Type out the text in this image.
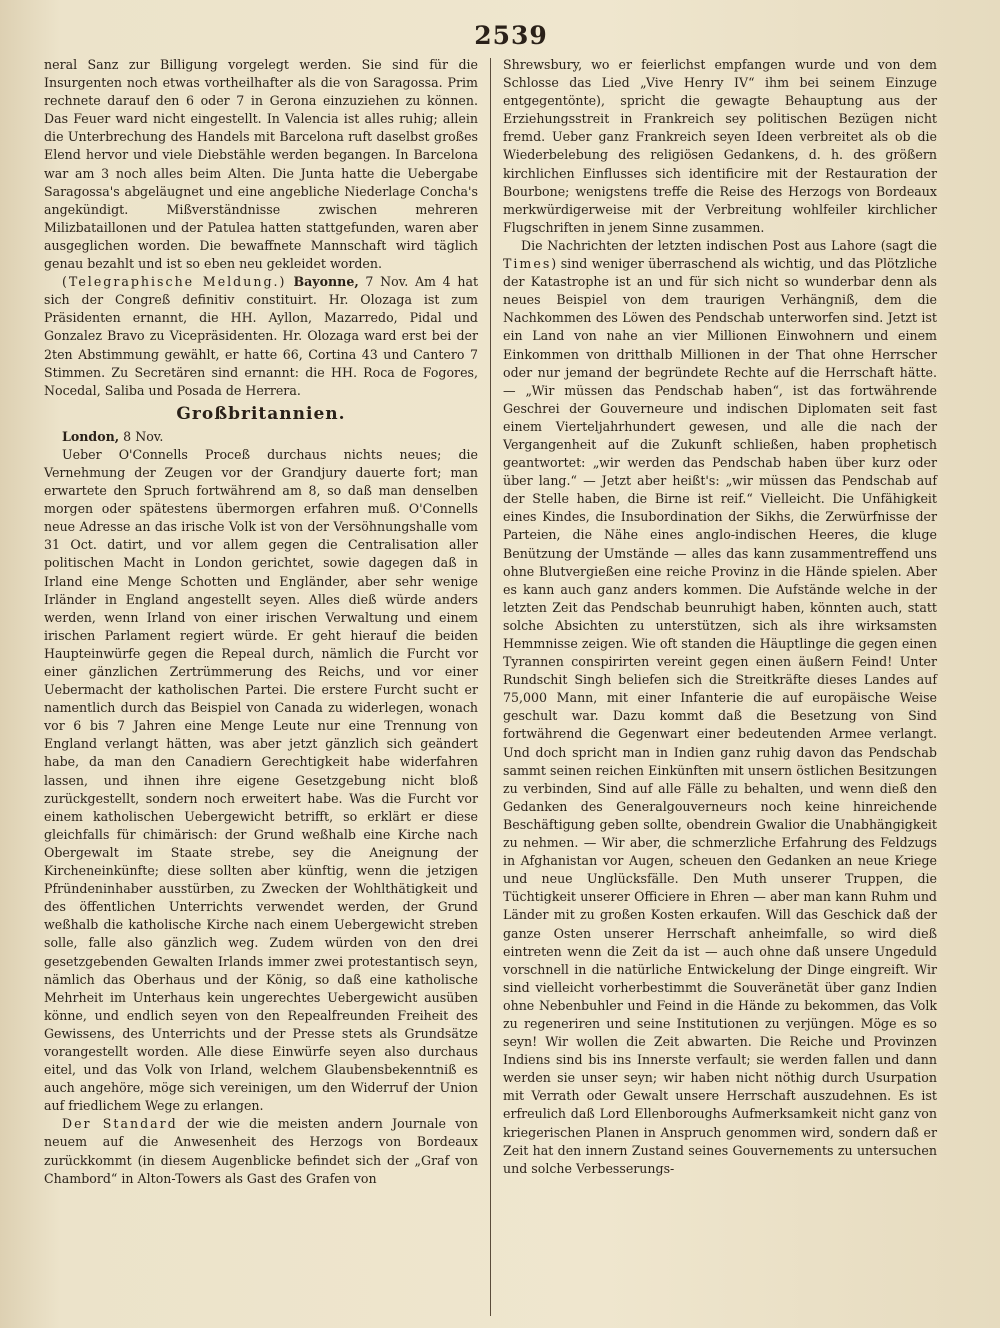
2539

neral Sanz zur Billigung vorgelegt werden. Sie sind für die Insurgenten noch etwas vortheilhafter als die von Saragossa. Prim rechnete darauf den 6 oder 7 in Gerona einzuziehen zu können. Das Feuer ward nicht eingestellt. In Valencia ist alles ruhig; allein die Unterbrechung des Handels mit Barcelona ruft daselbst großes Elend hervor und viele Diebstähle werden begangen. In Barcelona war am 3 noch alles beim Alten. Die Junta hatte die Uebergabe Saragossa's abgeläugnet und eine angebliche Niederlage Concha's angekündigt. Mißverständnisse zwischen mehreren Milizbataillonen und der Patulea hatten stattgefunden, waren aber ausgeglichen worden. Die bewaffnete Mannschaft wird täglich genau bezahlt und ist so eben neu gekleidet worden.

(Telegraphische Meldung.) Bayonne, 7 Nov. Am 4 hat sich der Congreß definitiv constituirt. Hr. Olozaga ist zum Präsidenten ernannt, die HH. Ayllon, Mazarredo, Pidal und Gonzalez Bravo zu Vicepräsidenten. Hr. Olozaga ward erst bei der 2ten Abstimmung gewählt, er hatte 66, Cortina 43 und Cantero 7 Stimmen. Zu Secretären sind ernannt: die HH. Roca de Fogores, Nocedal, Saliba und Posada de Herrera.

Großbritannien.

London, 8 Nov.

Ueber O'Connells Proceß durchaus nichts neues; die Vernehmung der Zeugen vor der Grandjury dauerte fort; man erwartete den Spruch fortwährend am 8, so daß man denselben morgen oder spätestens übermorgen erfahren muß. O'Connells neue Adresse an das irische Volk ist von der Versöhnungshalle vom 31 Oct. datirt, und vor allem gegen die Centralisation aller politischen Macht in London gerichtet, sowie dagegen daß in Irland eine Menge Schotten und Engländer, aber sehr wenige Irländer in England angestellt seyen. Alles dieß würde anders werden, wenn Irland von einer irischen Verwaltung und einem irischen Parlament regiert würde. Er geht hierauf die beiden Haupteinwürfe gegen die Repeal durch, nämlich die Furcht vor einer gänzlichen Zertrümmerung des Reichs, und vor einer Uebermacht der katholischen Partei. Die erstere Furcht sucht er namentlich durch das Beispiel von Canada zu widerlegen, wonach vor 6 bis 7 Jahren eine Menge Leute nur eine Trennung von England verlangt hätten, was aber jetzt gänzlich sich geändert habe, da man den Canadiern Gerechtigkeit habe widerfahren lassen, und ihnen ihre eigene Gesetzgebung nicht bloß zurückgestellt, sondern noch erweitert habe. Was die Furcht vor einem katholischen Uebergewicht betrifft, so erklärt er diese gleichfalls für chimärisch: der Grund weßhalb eine Kirche nach Obergewalt im Staate strebe, sey die Aneignung der Kircheneinkünfte; diese sollten aber künftig, wenn die jetzigen Pfründeninhaber ausstürben, zu Zwecken der Wohlthätigkeit und des öffentlichen Unterrichts verwendet werden, der Grund weßhalb die katholische Kirche nach einem Uebergewicht streben solle, falle also gänzlich weg. Zudem würden von den drei gesetzgebenden Gewalten Irlands immer zwei protestantisch seyn, nämlich das Oberhaus und der König, so daß eine katholische Mehrheit im Unterhaus kein ungerechtes Uebergewicht ausüben könne, und endlich seyen von den Repealfreunden Freiheit des Gewissens, des Unterrichts und der Presse stets als Grundsätze vorangestellt worden. Alle diese Einwürfe seyen also durchaus eitel, und das Volk von Irland, welchem Glaubensbekenntniß es auch angehöre, möge sich vereinigen, um den Widerruf der Union auf friedlichem Wege zu erlangen.

Der Standard der wie die meisten andern Journale von neuem auf die Anwesenheit des Herzogs von Bordeaux zurückkommt (in diesem Augenblicke befindet sich der „Graf von Chambord“ in Alton-Towers als Gast des Grafen von

Shrewsbury, wo er feierlichst empfangen wurde und von dem Schlosse das Lied „Vive Henry IV“ ihm bei seinem Einzuge entgegentönte), spricht die gewagte Behauptung aus der Erziehungsstreit in Frankreich sey politischen Bezügen nicht fremd. Ueber ganz Frankreich seyen Ideen verbreitet als ob die Wiederbelebung des religiösen Gedankens, d. h. des größern kirchlichen Einflusses sich identificire mit der Restauration der Bourbone; wenigstens treffe die Reise des Herzogs von Bordeaux merkwürdigerweise mit der Verbreitung wohlfeiler kirchlicher Flugschriften in jenem Sinne zusammen.

Die Nachrichten der letzten indischen Post aus Lahore (sagt die Times) sind weniger überraschend als wichtig, und das Plötzliche der Katastrophe ist an und für sich nicht so wunderbar denn als neues Beispiel von dem traurigen Verhängniß, dem die Nachkommen des Löwen des Pendschab unterworfen sind. Jetzt ist ein Land von nahe an vier Millionen Einwohnern und einem Einkommen von dritthalb Millionen in der That ohne Herrscher oder nur jemand der begründete Rechte auf die Herrschaft hätte. — „Wir müssen das Pendschab haben“, ist das fortwährende Geschrei der Gouverneure und indischen Diplomaten seit fast einem Vierteljahrhundert gewesen, und alle die nach der Vergangenheit auf die Zukunft schließen, haben prophetisch geantwortet: „wir werden das Pendschab haben über kurz oder über lang.“ — Jetzt aber heißt's: „wir müssen das Pendschab auf der Stelle haben, die Birne ist reif.“ Vielleicht. Die Unfähigkeit eines Kindes, die Insubordination der Sikhs, die Zerwürfnisse der Parteien, die Nähe eines anglo-indischen Heeres, die kluge Benützung der Umstände — alles das kann zusammentreffend uns ohne Blutvergießen eine reiche Provinz in die Hände spielen. Aber es kann auch ganz anders kommen. Die Aufstände welche in der letzten Zeit das Pendschab beunruhigt haben, könnten auch, statt solche Absichten zu unterstützen, sich als ihre wirksamsten Hemmnisse zeigen. Wie oft standen die Häuptlinge die gegen einen Tyrannen conspirirten vereint gegen einen äußern Feind! Unter Rundschit Singh beliefen sich die Streitkräfte dieses Landes auf 75,000 Mann, mit einer Infanterie die auf europäische Weise geschult war. Dazu kommt daß die Besetzung von Sind fortwährend die Gegenwart einer bedeutenden Armee verlangt. Und doch spricht man in Indien ganz ruhig davon das Pendschab sammt seinen reichen Einkünften mit unsern östlichen Besitzungen zu verbinden, Sind auf alle Fälle zu behalten, und wenn dieß den Gedanken des Generalgouverneurs noch keine hinreichende Beschäftigung geben sollte, obendrein Gwalior die Unabhängigkeit zu nehmen. — Wir aber, die schmerzliche Erfahrung des Feldzugs in Afghanistan vor Augen, scheuen den Gedanken an neue Kriege und neue Unglücksfälle. Den Muth unserer Truppen, die Tüchtigkeit unserer Officiere in Ehren — aber man kann Ruhm und Länder mit zu großen Kosten erkaufen. Will das Geschick daß der ganze Osten unserer Herrschaft anheimfalle, so wird dieß eintreten wenn die Zeit da ist — auch ohne daß unsere Ungeduld vorschnell in die natürliche Entwickelung der Dinge eingreift. Wir sind vielleicht vorherbestimmt die Souveränetät über ganz Indien ohne Nebenbuhler und Feind in die Hände zu bekommen, das Volk zu regeneriren und seine Institutionen zu verjüngen. Möge es so seyn! Wir wollen die Zeit abwarten. Die Reiche und Provinzen Indiens sind bis ins Innerste verfault; sie werden fallen und dann werden sie unser seyn; wir haben nicht nöthig durch Usurpation mit Verrath oder Gewalt unsere Herrschaft auszudehnen. Es ist erfreulich daß Lord Ellenboroughs Aufmerksamkeit nicht ganz von kriegerischen Planen in Anspruch genommen wird, sondern daß er Zeit hat den innern Zustand seines Gouvernements zu untersuchen und solche Verbesserungs-
